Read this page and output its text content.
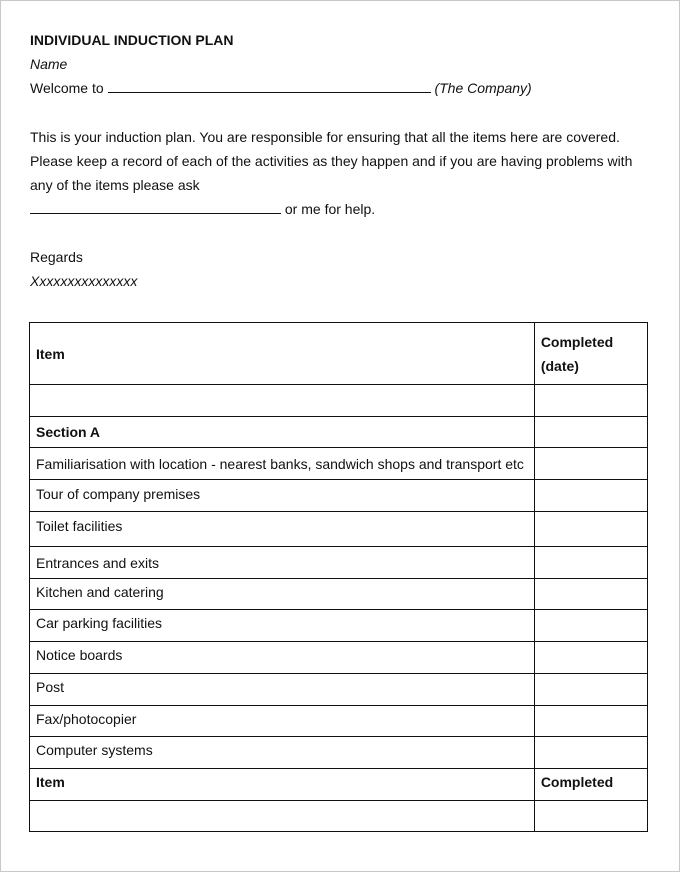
INDIVIDUAL INDUCTION PLAN
Name
Welcome to	(The Company)
This is your induction plan. You are responsible for ensuring that all the items here are covered.
Please keep a record of each of the activities as they happen and if you are having problems with
any of the items please ask
or me for help.
Regards
Xxxxxxxxxxxxxxx
Item	Completed
(date)

Section A	
Familiarisation with location - nearest banks, sandwich shops and transport etc	
Tour of company premises	
Toilet facilities	
Entrances and exits	
Kitchen and catering	
Car parking facilities	
Notice boards	
Post	
Fax/photocopier	
Computer systems	
Item	Completed
